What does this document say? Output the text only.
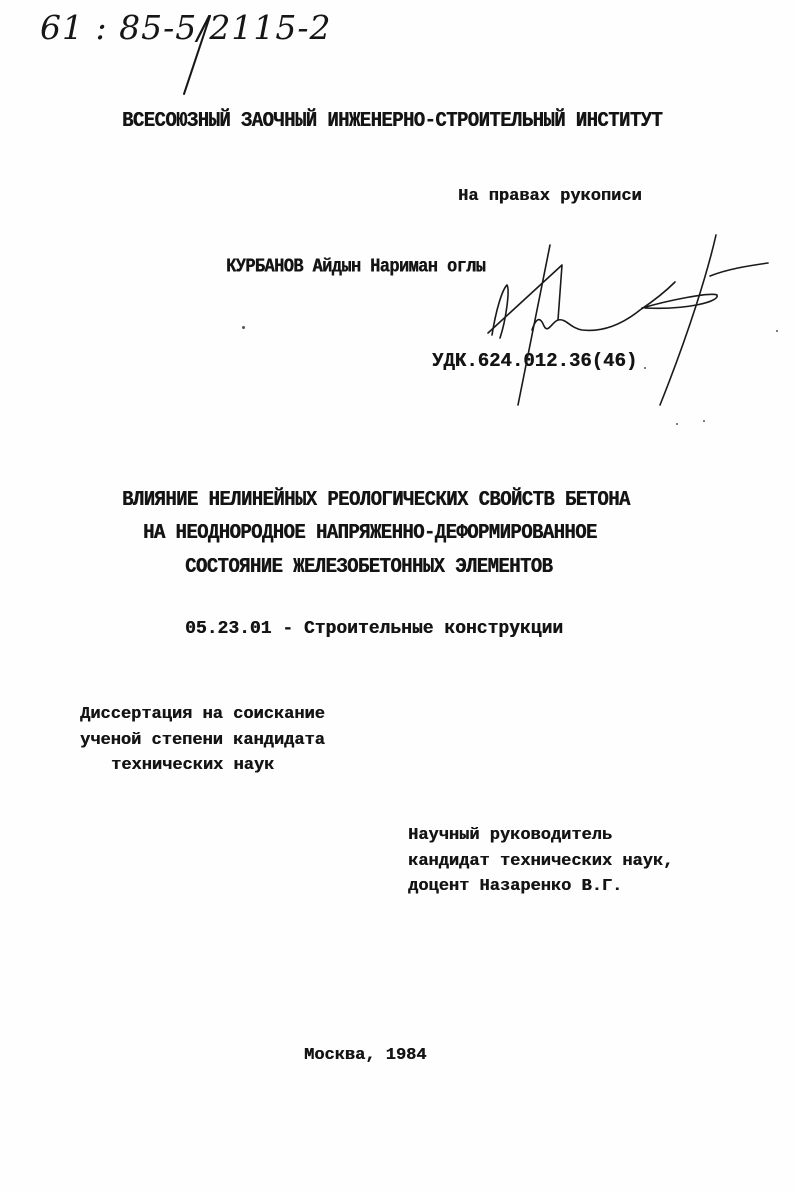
61 : 85-5/2115-2
ВСЕСОЮЗНЫЙ ЗАОЧНЫЙ ИНЖЕНЕРНО-СТРОИТЕЛЬНЫЙ ИНСТИТУТ
На правах рукописи
КУРБАНОВ Айдын Нариман оглы
УДК.624.012.36(46)
ВЛИЯНИЕ НЕЛИНЕЙНЫХ РЕОЛОГИЧЕСКИХ СВОЙСТВ БЕТОНА
НА НЕОДНОРОДНОЕ НАПРЯЖЕННО-ДЕФОРМИРОВАННОЕ
СОСТОЯНИЕ ЖЕЛЕЗОБЕТОННЫХ ЭЛЕМЕНТОВ
05.23.01 - Строительные конструкции
Диссертация на соискание
ученой степени кандидата
технических наук
Научный руководитель
кандидат технических наук,
доцент Назаренко В.Г.
Москва, 1984
